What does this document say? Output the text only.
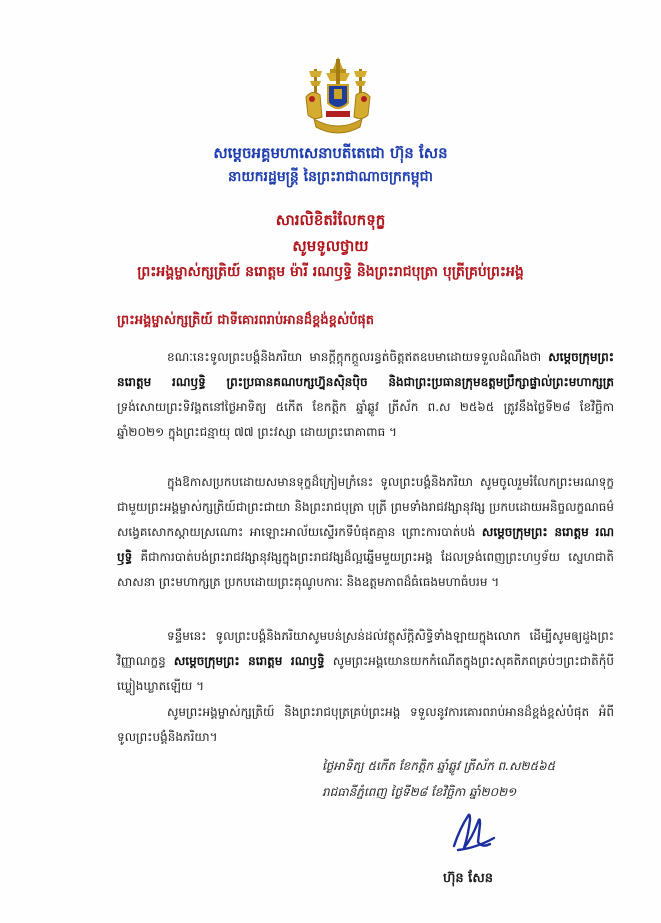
សម្តេចអគ្គមហាសេនាបតីតេជោ ហ៊ុន សែន
នាយករដ្ឋមន្ត្រី នៃព្រះរាជាណាចក្រកម្ពុជា
សារលិខិតរំលែកទុក្ខ
សូមទូលថ្វាយ
ព្រះអង្គម្ចាស់ក្សត្រិយ៍ នរោត្តម ម៉ារី រណឫទ្ធិ និងព្រះរាជបុត្រា បុត្រីគ្រប់ព្រះអង្គ
ព្រះអង្គម្ចាស់ក្សត្រិយ៍ ជាទីគោរពរាប់អានដ៏ខ្ពង់ខ្ពស់បំផុត
ខណៈនេះទូលព្រះបង្គំនិងភរិយា មានក្តីក្តុកក្តួលរន្ធត់ចិត្តឥតឧបមាដោយទទួលដំណឹងថា សម្តេចក្រុមព្រះ នរោត្តម រណឫទ្ធិ ព្រះប្រធានគណបក្សហ្វ៊ុនស៊ិនប៉ិច និងជាព្រះប្រធានក្រុមឧត្តមប្រឹក្សាផ្ទាល់ព្រះមហាក្សត្រ ទ្រង់សោយព្រះទិវង្គតនៅថ្ងៃអាទិត្យ ៥កើត ខែកត្តិក ឆ្នាំឆ្លូវ ត្រីស័ក ព.ស ២៥៦៥ ត្រូវនឹងថ្ងៃទី២៨ ខែវិច្ឆិកា ឆ្នាំ២០២១ ក្នុងព្រះជន្មាយុ ៧៧ ព្រះវស្សា ដោយព្រះរោគាពាធ ។
ក្នុងឱកាសប្រកបដោយសមានទុក្ខដ៏ក្រៀមក្រំនេះ ទូលព្រះបង្គំនិងភរិយា សូមចូលរួមរំលែកព្រះមរណទុក្ខជាមួយព្រះអង្គម្ចាស់ក្សត្រិយ៍ជាព្រះជាយា និងព្រះរាជបុត្រា បុត្រី ព្រមទាំងរាជវង្សានុវង្ស ប្រកបដោយអនិច្ចលក្ខណធម៌ សង្វេគសោកស្តាយស្រណោះ អាឡោះអាល័យស្ទើរកទីបំផុតគ្មាន ព្រោះការបាត់បង់ សម្តេចក្រុមព្រះ នរោត្តម រណឫទ្ធិ គឺជាការបាត់បង់ព្រះរាជវង្សានុវង្សក្នុងព្រះរាជវង្សដ៏ល្អឆ្នើមមួយព្រះអង្គ ដែលទ្រង់ពេញព្រះហឫទ័យ ស្នេហជាតិ សាសនា ព្រះមហាក្សត្រ ប្រកបដោយព្រះគុណូបការៈ និងឧត្តមភាពដ៏ធំធេងមហាធំបរម ។
ទន្ទឹមនេះ ទូលព្រះបង្គំនិងភរិយាសូមបន់ស្រន់ដល់វត្ថុស័ក្តិសិទ្ធិទាំងឡាយក្នុងលោក ដើម្បីសូមឲ្យដួងព្រះវិញ្ញាណក្ខន្ធ សម្តេចក្រុមព្រះ នរោត្តម រណឫទ្ធិ សូមព្រះអង្គយោនយកកំណើតក្នុងព្រះសុគតិភពគ្រប់ៗព្រះជាតិកុំបីឃ្លៀងឃ្លាតឡើយ ។
សូមព្រះអង្គម្ចាស់ក្សត្រិយ៍ និងព្រះរាជបុត្រគ្រប់ព្រះអង្គ ទទួលនូវការគោរពរាប់អានដ៏ខ្ពង់ខ្ពស់បំផុត អំពីទូលព្រះបង្គំនិងភរិយា។
ថ្ងៃអាទិត្យ ៥កើត ខែកត្តិក ឆ្នាំឆ្លូវ ត្រីស័ក ព.ស២៥៦៥
រាជធានីភ្នំពេញ ថ្ងៃទី២៨ ខែវិច្ឆិកា ឆ្នាំ២០២១
ហ៊ុន សែន
